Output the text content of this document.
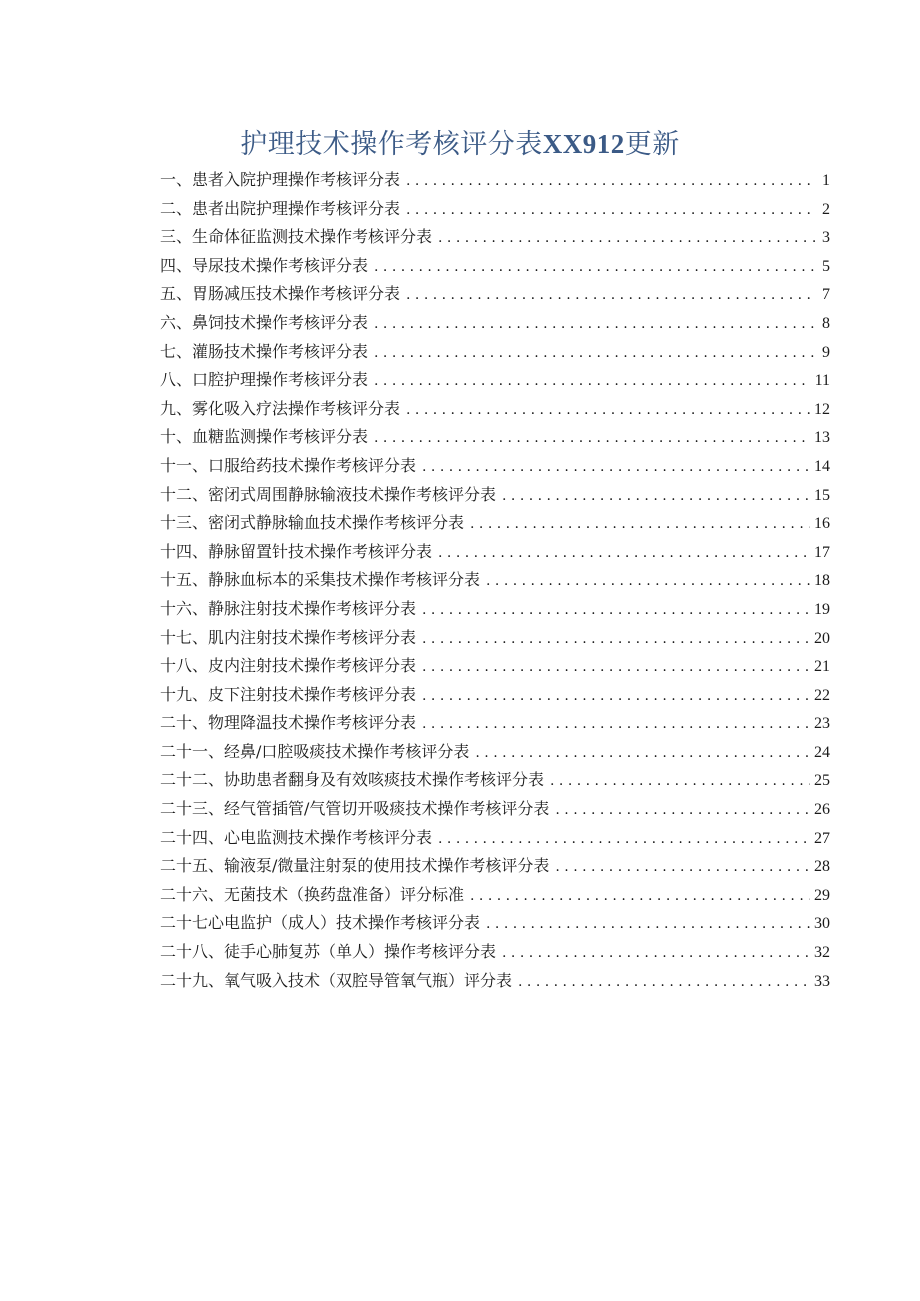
护理技术操作考核评分表XX912更新
一、患者入院护理操作考核评分表 . . .	1
二、患者出院护理操作考核评分表 . . .	2
三、生命体征监测技术操作考核评分表 . . .	3
四、导尿技术操作考核评分表 . . .	5
五、胃肠减压技术操作考核评分表 . . .	7
六、鼻饲技术操作考核评分表 . . .	8
七、灌肠技术操作考核评分表 . . .	9
八、口腔护理操作考核评分表 . . .	11
九、雾化吸入疗法操作考核评分表 . . .	12
十、血糖监测操作考核评分表 . . .	13
十一、口服给药技术操作考核评分表 . . .	14
十二、密闭式周围静脉输液技术操作考核评分表 . . .	15
十三、密闭式静脉输血技术操作考核评分表 . . .	16
十四、静脉留置针技术操作考核评分表 . . .	17
十五、静脉血标本的采集技术操作考核评分表 . . .	18
十六、静脉注射技术操作考核评分表 . . .	19
十七、肌内注射技术操作考核评分表 . . .	20
十八、皮内注射技术操作考核评分表 . . .	21
十九、皮下注射技术操作考核评分表 . . .	22
二十、物理降温技术操作考核评分表 . . .	23
二十一、经鼻/口腔吸痰技术操作考核评分表 . . .	24
二十二、协助患者翻身及有效咳痰技术操作考核评分表 . . .	25
二十三、经气管插管/气管切开吸痰技术操作考核评分表 . . .	26
二十四、心电监测技术操作考核评分表 . . .	27
二十五、输液泵/微量注射泵的使用技术操作考核评分表 . . .	28
二十六、无菌技术（换药盘准备）评分标准 . . .	29
二十七心电监护（成人）技术操作考核评分表 . . .	30
二十八、徒手心肺复苏（单人）操作考核评分表 . . .	32
二十九、氧气吸入技术（双腔导管氧气瓶）评分表 . . .	33
